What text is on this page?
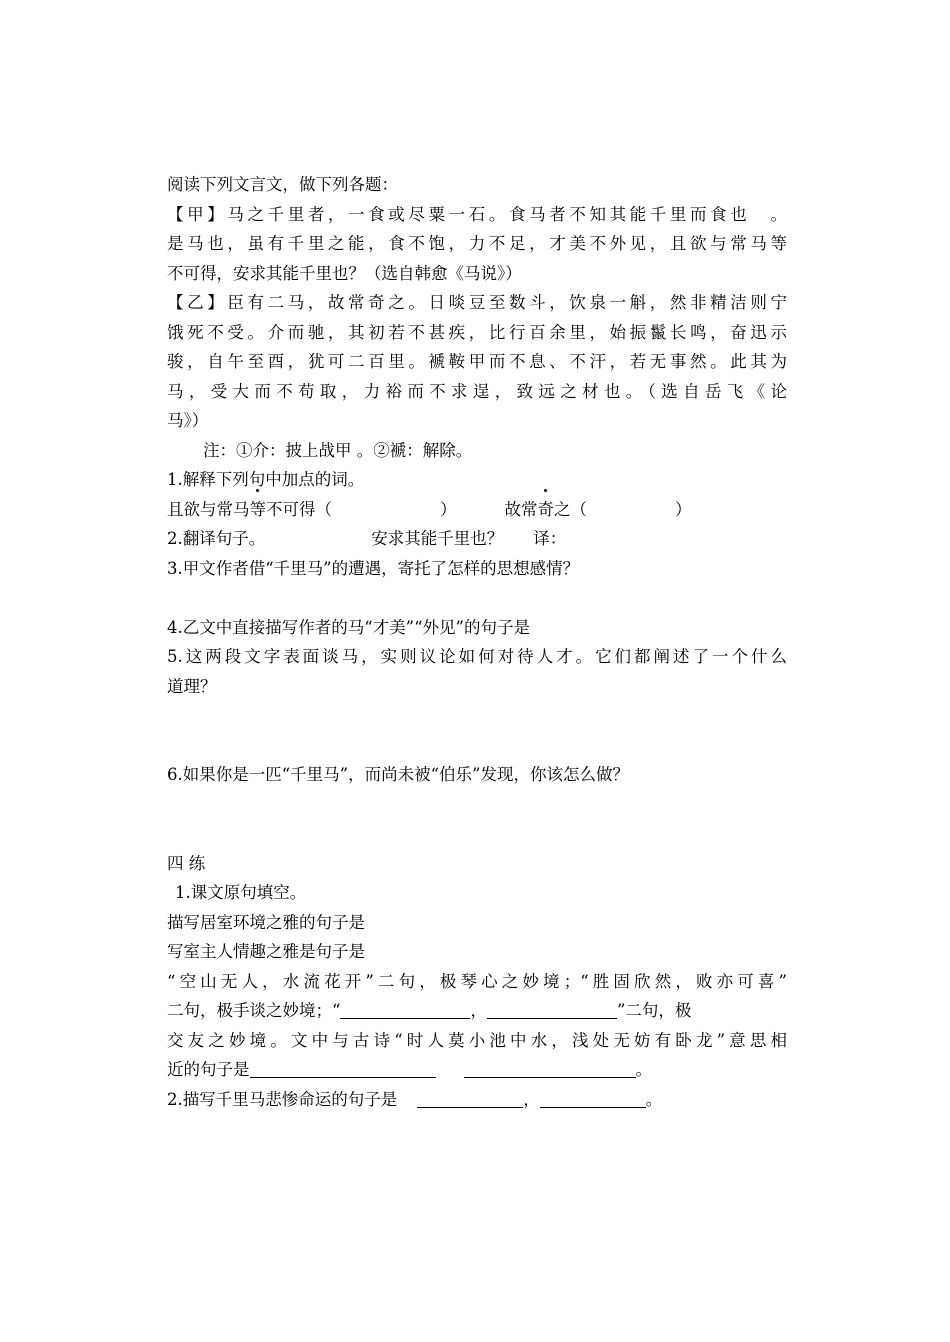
阅读下列文言文，做下列各题：
【甲】马之千里者，一食或尽粟一石。食马者不知其能千里而食也　。
是马也，虽有千里之能，食不饱，力不足，才美不外见，且欲与常马等
不可得，安求其能千里也？（选自韩愈《马说》）
【乙】臣有二马，故常奇之。日啖豆至数斗，饮泉一斛，然非精洁则宁
饿死不受。介而驰，其初若不甚疾，比行百余里，始振鬣长鸣，奋迅示
骏，自午至酉，犹可二百里。褫鞍甲而不息、不汗，若无事然。此其为
马，受大而不苟取，力裕而不求逞，致远之材也。（选自岳飞《论
马》）
注：①介：披上战甲 。②褫：解除。
1.解释下列句中加点的词。
且欲与常马等不可得（	）	故常奇之（	）
2.翻译句子。	安求其能千里也？ 译：
3.甲文作者借“千里马”的遭遇，寄托了怎样的思想感情？
4.乙文中直接描写作者的马“才美”“外见”的句子是
5.这两段文字表面谈马，实则议论如何对待人才。它们都阐述了一个什么
道理？
6.如果你是一匹“千里马”，而尚未被“伯乐”发现，你该怎么做？
四 练
1.课文原句填空。
描写居室环境之雅的句子是
写室主人情趣之雅是句子是
“空山无人，水流花开”二句，极琴心之妙境；“胜固欣然，败亦可喜”
二句，极手谈之妙境；“	，	”二句，极
交友之妙境。文中与古诗“时人莫小池中水，浅处无妨有卧龙”意思相
近的句子是	。
2.描写千里马悲惨命运的句子是	，	。
